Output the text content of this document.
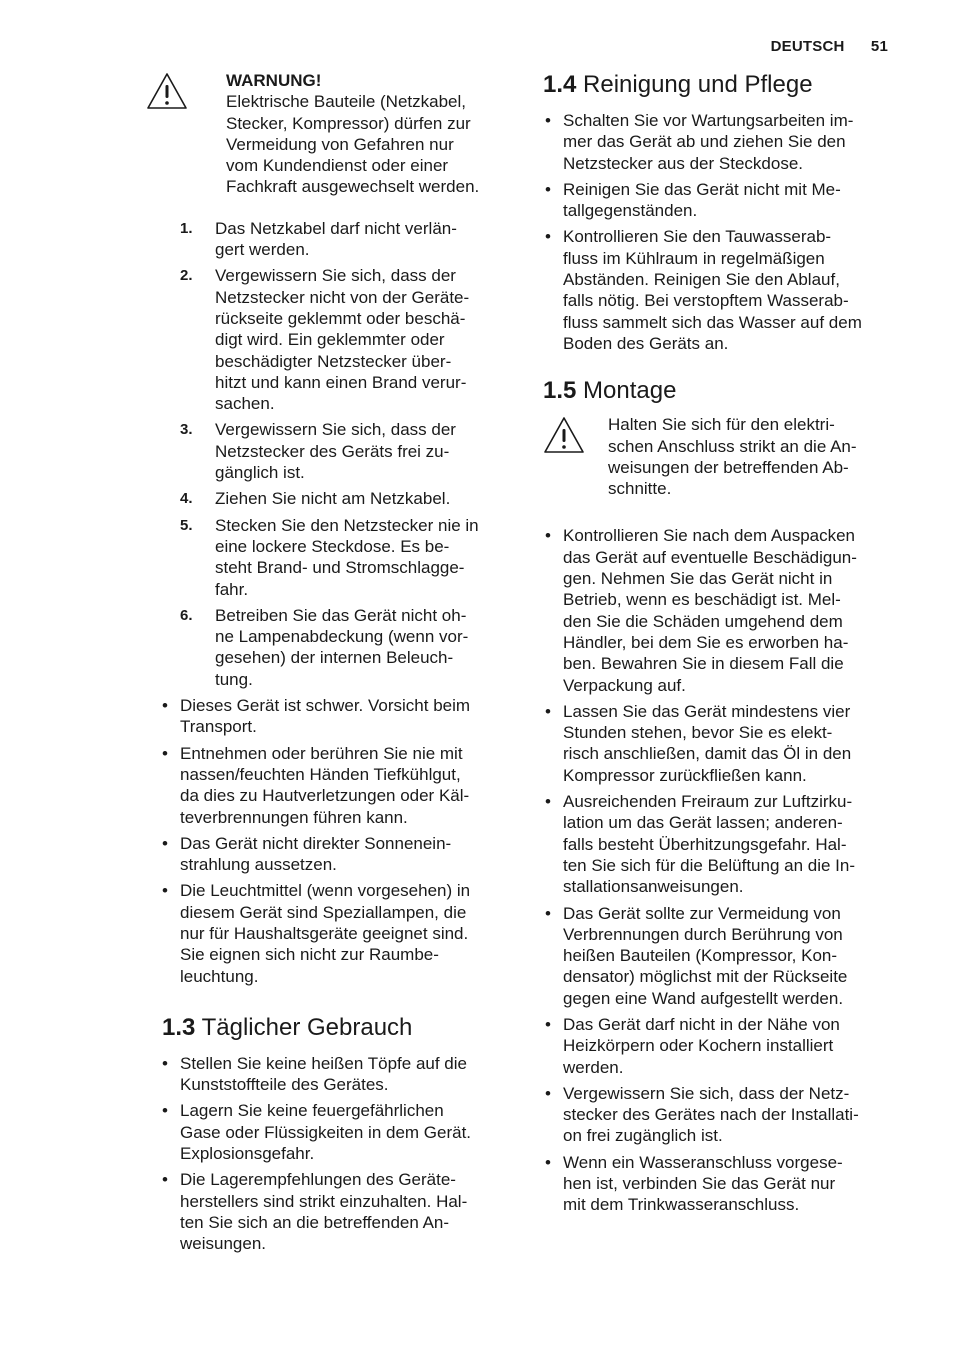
DEUTSCH 51
WARNUNG!
Elektrische Bauteile (Netzkabel,
Stecker, Kompressor) dürfen zur
Vermeidung von Gefahren nur
vom Kundendienst oder einer
Fachkraft ausgewechselt werden.
1. Das Netzkabel darf nicht verlän-
gert werden.
2. Vergewissern Sie sich, dass der
Netzstecker nicht von der Geräte-
rückseite geklemmt oder beschä-
digt wird. Ein geklemmter oder
beschädigter Netzstecker über-
hitzt und kann einen Brand verur-
sachen.
3. Vergewissern Sie sich, dass der
Netzstecker des Geräts frei zu-
gänglich ist.
4. Ziehen Sie nicht am Netzkabel.
5. Stecken Sie den Netzstecker nie in
eine lockere Steckdose. Es be-
steht Brand- und Stromschlagge-
fahr.
6. Betreiben Sie das Gerät nicht oh-
ne Lampenabdeckung (wenn vor-
gesehen) der internen Beleuch-
tung.
• Dieses Gerät ist schwer. Vorsicht beim
Transport.
• Entnehmen oder berühren Sie nie mit
nassen/feuchten Händen Tiefkühlgut,
da dies zu Hautverletzungen oder Käl-
teverbrennungen führen kann.
• Das Gerät nicht direkter Sonnenein-
strahlung aussetzen.
• Die Leuchtmittel (wenn vorgesehen) in
diesem Gerät sind Speziallampen, die
nur für Haushaltsgeräte geeignet sind.
Sie eignen sich nicht zur Raumbe-
leuchtung.
1.3 Täglicher Gebrauch
• Stellen Sie keine heißen Töpfe auf die
Kunststoffteile des Gerätes.
• Lagern Sie keine feuergefährlichen
Gase oder Flüssigkeiten in dem Gerät.
Explosionsgefahr.
• Die Lagerempfehlungen des Geräte-
herstellers sind strikt einzuhalten. Hal-
ten Sie sich an die betreffenden An-
weisungen.
1.4 Reinigung und Pflege
• Schalten Sie vor Wartungsarbeiten im-
mer das Gerät ab und ziehen Sie den
Netzstecker aus der Steckdose.
• Reinigen Sie das Gerät nicht mit Me-
tallgegenständen.
• Kontrollieren Sie den Tauwasserab-
fluss im Kühlraum in regelmäßigen
Abständen. Reinigen Sie den Ablauf,
falls nötig. Bei verstopftem Wasserab-
fluss sammelt sich das Wasser auf dem
Boden des Geräts an.
1.5 Montage
Halten Sie sich für den elektri-
schen Anschluss strikt an die An-
weisungen der betreffenden Ab-
schnitte.
• Kontrollieren Sie nach dem Auspacken
das Gerät auf eventuelle Beschädigun-
gen. Nehmen Sie das Gerät nicht in
Betrieb, wenn es beschädigt ist. Mel-
den Sie die Schäden umgehend dem
Händler, bei dem Sie es erworben ha-
ben. Bewahren Sie in diesem Fall die
Verpackung auf.
• Lassen Sie das Gerät mindestens vier
Stunden stehen, bevor Sie es elekt-
risch anschließen, damit das Öl in den
Kompressor zurückfließen kann.
• Ausreichenden Freiraum zur Luftzirku-
lation um das Gerät lassen; anderen-
falls besteht Überhitzungsgefahr. Hal-
ten Sie sich für die Belüftung an die In-
stallationsanweisungen.
• Das Gerät sollte zur Vermeidung von
Verbrennungen durch Berührung von
heißen Bauteilen (Kompressor, Kon-
densator) möglichst mit der Rückseite
gegen eine Wand aufgestellt werden.
• Das Gerät darf nicht in der Nähe von
Heizkörpern oder Kochern installiert
werden.
• Vergewissern Sie sich, dass der Netz-
stecker des Gerätes nach der Installati-
on frei zugänglich ist.
• Wenn ein Wasseranschluss vorgese-
hen ist, verbinden Sie das Gerät nur
mit dem Trinkwasseranschluss.
